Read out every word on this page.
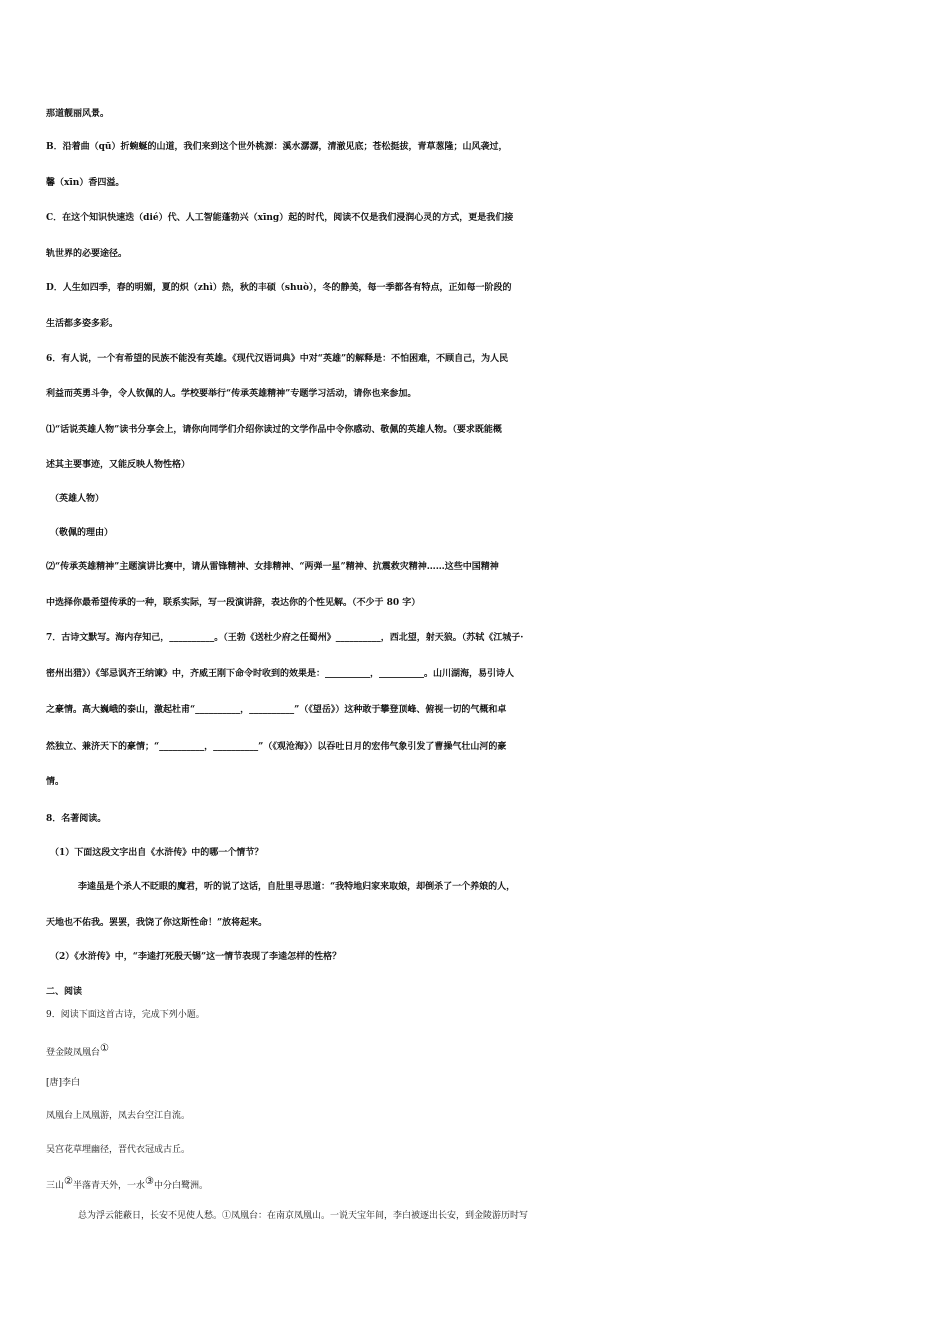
那道靓丽风景。
B．沿着曲（qū）折蜿蜒的山道，我们来到这个世外桃源：溪水潺潺，清澈见底；苍松挺拔，青草葱隆；山风袭过，
馨（xīn）香四溢。
C．在这个知识快速迭（dié）代、人工智能蓬勃兴（xīng）起的时代，阅读不仅是我们浸润心灵的方式，更是我们接
轨世界的必要途径。
D．人生如四季，春的明媚，夏的炽（zhì）热，秋的丰硕（shuò），冬的静美，每一季都各有特点，正如每一阶段的
生活都多姿多彩。
6．有人说，一个有希望的民族不能没有英雄。《现代汉语词典》中对“英雄”的解释是：不怕困难，不顾自己，为人民
利益而英勇斗争，令人钦佩的人。学校要举行“传承英雄精神”专题学习活动，请你也来参加。
⑴“话说英雄人物”读书分享会上，请你向同学们介绍你读过的文学作品中令你感动、敬佩的英雄人物。（要求既能概
述其主要事迹，又能反映人物性格）
（英雄人物）
（敬佩的理由）
⑵“传承英雄精神”主题演讲比赛中，请从雷锋精神、女排精神、“两弹一星”精神、抗震救灾精神……这些中国精神
中选择你最希望传承的一种，联系实际，写一段演讲辞，表达你的个性见解。（不少于 80 字）
7．古诗文默写。海内存知己，__________。（王勃《送杜少府之任蜀州》__________，西北望，射天狼。（苏轼《江城子·
密州出猎》）《邹忌讽齐王纳谏》中，齐威王刚下命令时收到的效果是：__________，__________。山川湖海，易引诗人
之豪情。高大巍峨的泰山，激起杜甫“__________，__________”（《望岳》）这种敢于攀登顶峰、俯视一切的气概和卓
然独立、兼济天下的豪情；“__________，__________”（《观沧海》）以吞吐日月的宏伟气象引发了曹操气壮山河的豪
情。
8．名著阅读。
（1）下面这段文字出自《水浒传》中的哪一个情节？
李逵虽是个杀人不眨眼的魔君，听的说了这话，自肚里寻思道：“我特地归家来取娘，却倒杀了一个养娘的人，
天地也不佑我。罢罢，我饶了你这斯性命！”放将起来。
（2）《水浒传》中，“李逵打死殷天锡”这一情节表现了李逵怎样的性格？
二、阅读
9．阅读下面这首古诗，完成下列小题。
登金陵凤凰台①
[唐]李白
凤凰台上凤凰游，凤去台空江自流。
吴宫花草埋幽径，晋代衣冠成古丘。
三山②半落青天外，一水③中分白鹭洲。
总为浮云能蔽日，长安不见使人愁。①凤凰台：在南京凤凰山。一说天宝年间，李白被逐出长安，到金陵游历时写
